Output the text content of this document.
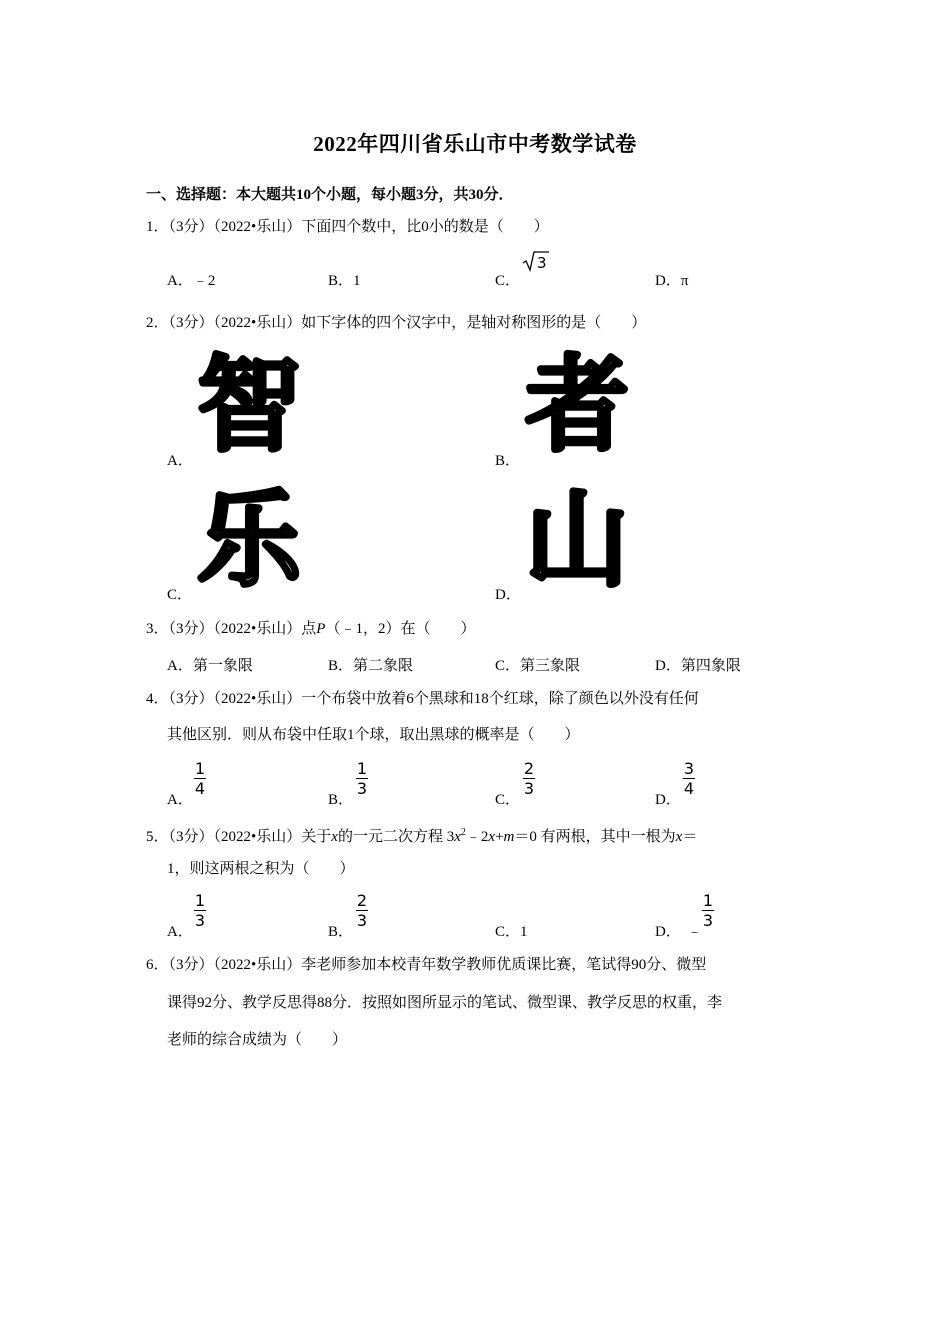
2022年四川省乐山市中考数学试卷
一、选择题：本大题共10个小题，每小题3分，共30分．
1．（3分）（2022•乐山）下面四个数中，比0小的数是（　　）
A．﹣2	B．1	C．
3
D．π
2．（3分）（2022•乐山）如下字体的四个汉字中，是轴对称图形的是（　　）
A．	B．
C．	D．
智 者
乐 山
3．（3分）（2022•乐山）点P（﹣1，2）在（　　）
A．第一象限	B．第二象限	C．第三象限	D．第四象限
4．（3分）（2022•乐山）一个布袋中放着6个黑球和18个红球，除了颜色以外没有任何
其他区别．则从布袋中任取1个球，取出黑球的概率是（　　）
A．
1
4
B．
1
3
C．
2
3
D．
3
4
5．（3分）（2022•乐山）关于x的一元二次方程 $3x^2﹣2x+m=0$ 有两根，其中一根为x＝
1，则这两根之积为（　　）
A．
1
3
B．
2
3
C．1	D． ﹣
1
3
6．（3分）（2022•乐山）李老师参加本校青年数学教师优质课比赛，笔试得90分、微型
课得92分、教学反思得88分．按照如图所显示的笔试、微型课、教学反思的权重，李
老师的综合成绩为（　　）
